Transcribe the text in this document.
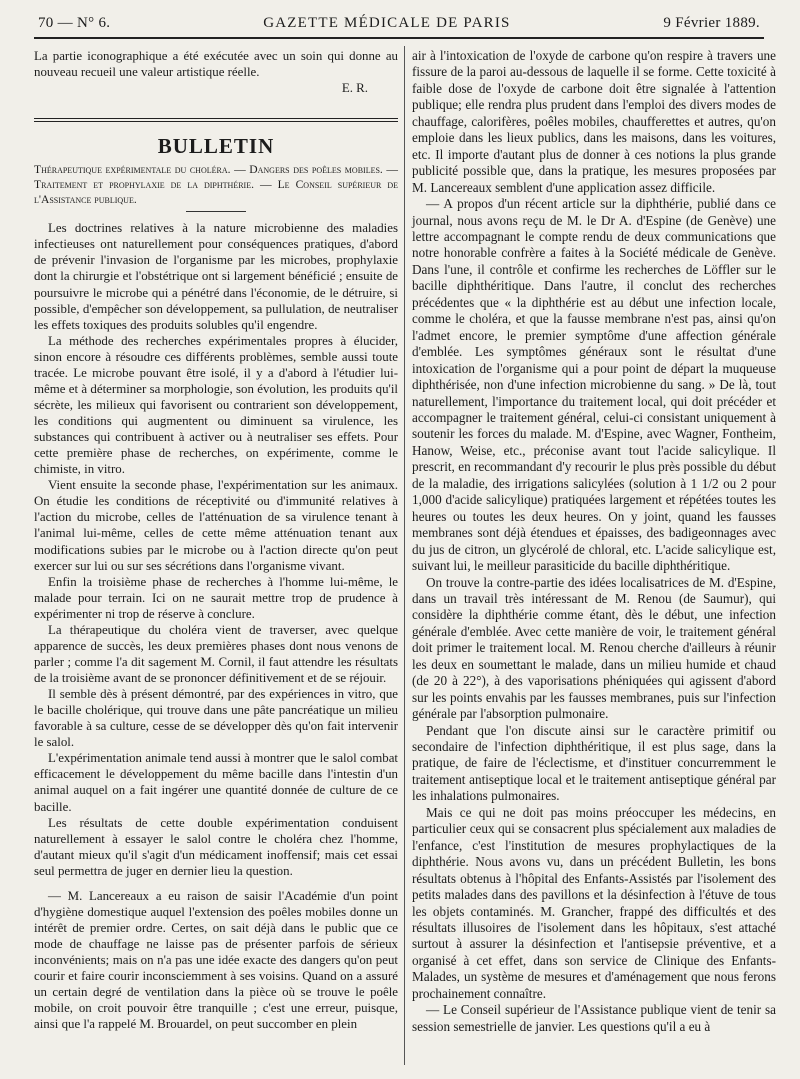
70 — N° 6.	GAZETTE MÉDICALE DE PARIS	9 Février 1889.

La partie iconographique a été exécutée avec un soin qui donne au nouveau recueil une valeur artistique réelle.

E. R.

BULLETIN

Thérapeutique expérimentale du choléra. — Dangers des poêles mobiles. — Traitement et prophylaxie de la diphthérie. — Le Conseil supérieur de l'Assistance publique.

Les doctrines relatives à la nature microbienne des maladies infectieuses ont naturellement pour conséquences pratiques, d'abord de prévenir l'invasion de l'organisme par les microbes, prophylaxie dont la chirurgie et l'obstétrique ont si largement bénéficié ; ensuite de poursuivre le microbe qui a pénétré dans l'économie, de le détruire, si possible, d'empêcher son développement, sa pullulation, de neutraliser les effets toxiques des produits solubles qu'il engendre.

La méthode des recherches expérimentales propres à élucider, sinon encore à résoudre ces différents problèmes, semble aussi toute tracée. Le microbe pouvant être isolé, il y a d'abord à l'étudier lui-même et à déterminer sa morphologie, son évolution, les produits qu'il sécrète, les milieux qui favorisent ou contrarient son développement, les conditions qui augmentent ou diminuent sa virulence, les substances qui contribuent à activer ou à neutraliser ses effets. Pour cette première phase de recherches, on expérimente, comme le chimiste, in vitro.

Vient ensuite la seconde phase, l'expérimentation sur les animaux. On étudie les conditions de réceptivité ou d'immunité relatives à l'action du microbe, celles de l'atténuation de sa virulence tenant à l'animal lui-même, celles de cette même atténuation tenant aux modifications subies par le microbe ou à l'action directe qu'on peut exercer sur lui ou sur ses sécrétions dans l'organisme vivant.

Enfin la troisième phase de recherches à l'homme lui-même, le malade pour terrain. Ici on ne saurait mettre trop de prudence à expérimenter ni trop de réserve à conclure.

La thérapeutique du choléra vient de traverser, avec quelque apparence de succès, les deux premières phases dont nous venons de parler ; comme l'a dit sagement M. Cornil, il faut attendre les résultats de la troisième avant de se prononcer définitivement et de se réjouir.

Il semble dès à présent démontré, par des expériences in vitro, que le bacille cholérique, qui trouve dans une pâte pancréatique un milieu favorable à sa culture, cesse de se développer dès qu'on fait intervenir le salol.

L'expérimentation animale tend aussi à montrer que le salol combat efficacement le développement du même bacille dans l'intestin d'un animal auquel on a fait ingérer une quantité donnée de culture de ce bacille.

Les résultats de cette double expérimentation conduisent naturellement à essayer le salol contre le choléra chez l'homme, d'autant mieux qu'il s'agit d'un médicament inoffensif; mais cet essai seul permettra de juger en dernier lieu la question.

— M. Lancereaux a eu raison de saisir l'Académie d'un point d'hygiène domestique auquel l'extension des poêles mobiles donne un intérêt de premier ordre. Certes, on sait déjà dans le public que ce mode de chauffage ne laisse pas de présenter parfois de sérieux inconvénients; mais on n'a pas une idée exacte des dangers qu'on peut courir et faire courir inconsciemment à ses voisins. Quand on a assuré un certain degré de ventilation dans la pièce où se trouve le poêle mobile, on croit pouvoir être tranquille ; c'est une erreur, puisque, ainsi que l'a rappelé M. Brouardel, on peut succomber en plein

air à l'intoxication de l'oxyde de carbone qu'on respire à travers une fissure de la paroi au-dessous de laquelle il se forme. Cette toxicité à faible dose de l'oxyde de carbone doit être signalée à l'attention publique; elle rendra plus prudent dans l'emploi des divers modes de chauffage, calorifères, poêles mobiles, chaufferettes et autres, qu'on emploie dans les lieux publics, dans les maisons, dans les voitures, etc. Il importe d'autant plus de donner à ces notions la plus grande publicité possible que, dans la pratique, les mesures proposées par M. Lancereaux semblent d'une application assez difficile.

— A propos d'un récent article sur la diphthérie, publié dans ce journal, nous avons reçu de M. le Dr A. d'Espine (de Genève) une lettre accompagnant le compte rendu de deux communications que notre honorable confrère a faites à la Société médicale de Genève. Dans l'une, il contrôle et confirme les recherches de Löffler sur le bacille diphthéritique. Dans l'autre, il conclut des recherches précédentes que « la diphthérie est au début une infection locale, comme le choléra, et que la fausse membrane n'est pas, ainsi qu'on l'admet encore, le premier symptôme d'une affection générale d'emblée. Les symptômes généraux sont le résultat d'une intoxication de l'organisme qui a pour point de départ la muqueuse diphthérisée, non d'une infection microbienne du sang. » De là, tout naturellement, l'importance du traitement local, qui doit précéder et accompagner le traitement général, celui-ci consistant uniquement à soutenir les forces du malade. M. d'Espine, avec Wagner, Fontheim, Hanow, Weise, etc., préconise avant tout l'acide salicylique. Il prescrit, en recommandant d'y recourir le plus près possible du début de la maladie, des irrigations salicylées (solution à 1 1/2 ou 2 pour 1,000 d'acide salicylique) pratiquées largement et répétées toutes les heures ou toutes les deux heures. On y joint, quand les fausses membranes sont déjà étendues et épaisses, des badigeonnages avec du jus de citron, un glycérolé de chloral, etc. L'acide salicylique est, suivant lui, le meilleur parasiticide du bacille diphthéritique.

On trouve la contre-partie des idées localisatrices de M. d'Espine, dans un travail très intéressant de M. Renou (de Saumur), qui considère la diphthérie comme étant, dès le début, une infection générale d'emblée. Avec cette manière de voir, le traitement général doit primer le traitement local. M. Renou cherche d'ailleurs à réunir les deux en soumettant le malade, dans un milieu humide et chaud (de 20 à 22°), à des vaporisations phéniquées qui agissent d'abord sur les points envahis par les fausses membranes, puis sur l'infection générale par l'absorption pulmonaire.

Pendant que l'on discute ainsi sur le caractère primitif ou secondaire de l'infection diphthéritique, il est plus sage, dans la pratique, de faire de l'éclectisme, et d'instituer concurremment le traitement antiseptique local et le traitement antiseptique général par les inhalations pulmonaires.

Mais ce qui ne doit pas moins préoccuper les médecins, en particulier ceux qui se consacrent plus spécialement aux maladies de l'enfance, c'est l'institution de mesures prophylactiques de la diphthérie. Nous avons vu, dans un précédent Bulletin, les bons résultats obtenus à l'hôpital des Enfants-Assistés par l'isolement des petits malades dans des pavillons et la désinfection à l'étuve de tous les objets contaminés. M. Grancher, frappé des difficultés et des résultats illusoires de l'isolement dans les hôpitaux, s'est attaché surtout à assurer la désinfection et l'antisepsie préventive, et a organisé à cet effet, dans son service de Clinique des Enfants-Malades, un système de mesures et d'aménagement que nous ferons prochainement connaître.

— Le Conseil supérieur de l'Assistance publique vient de tenir sa session semestrielle de janvier. Les questions qu'il a eu à
